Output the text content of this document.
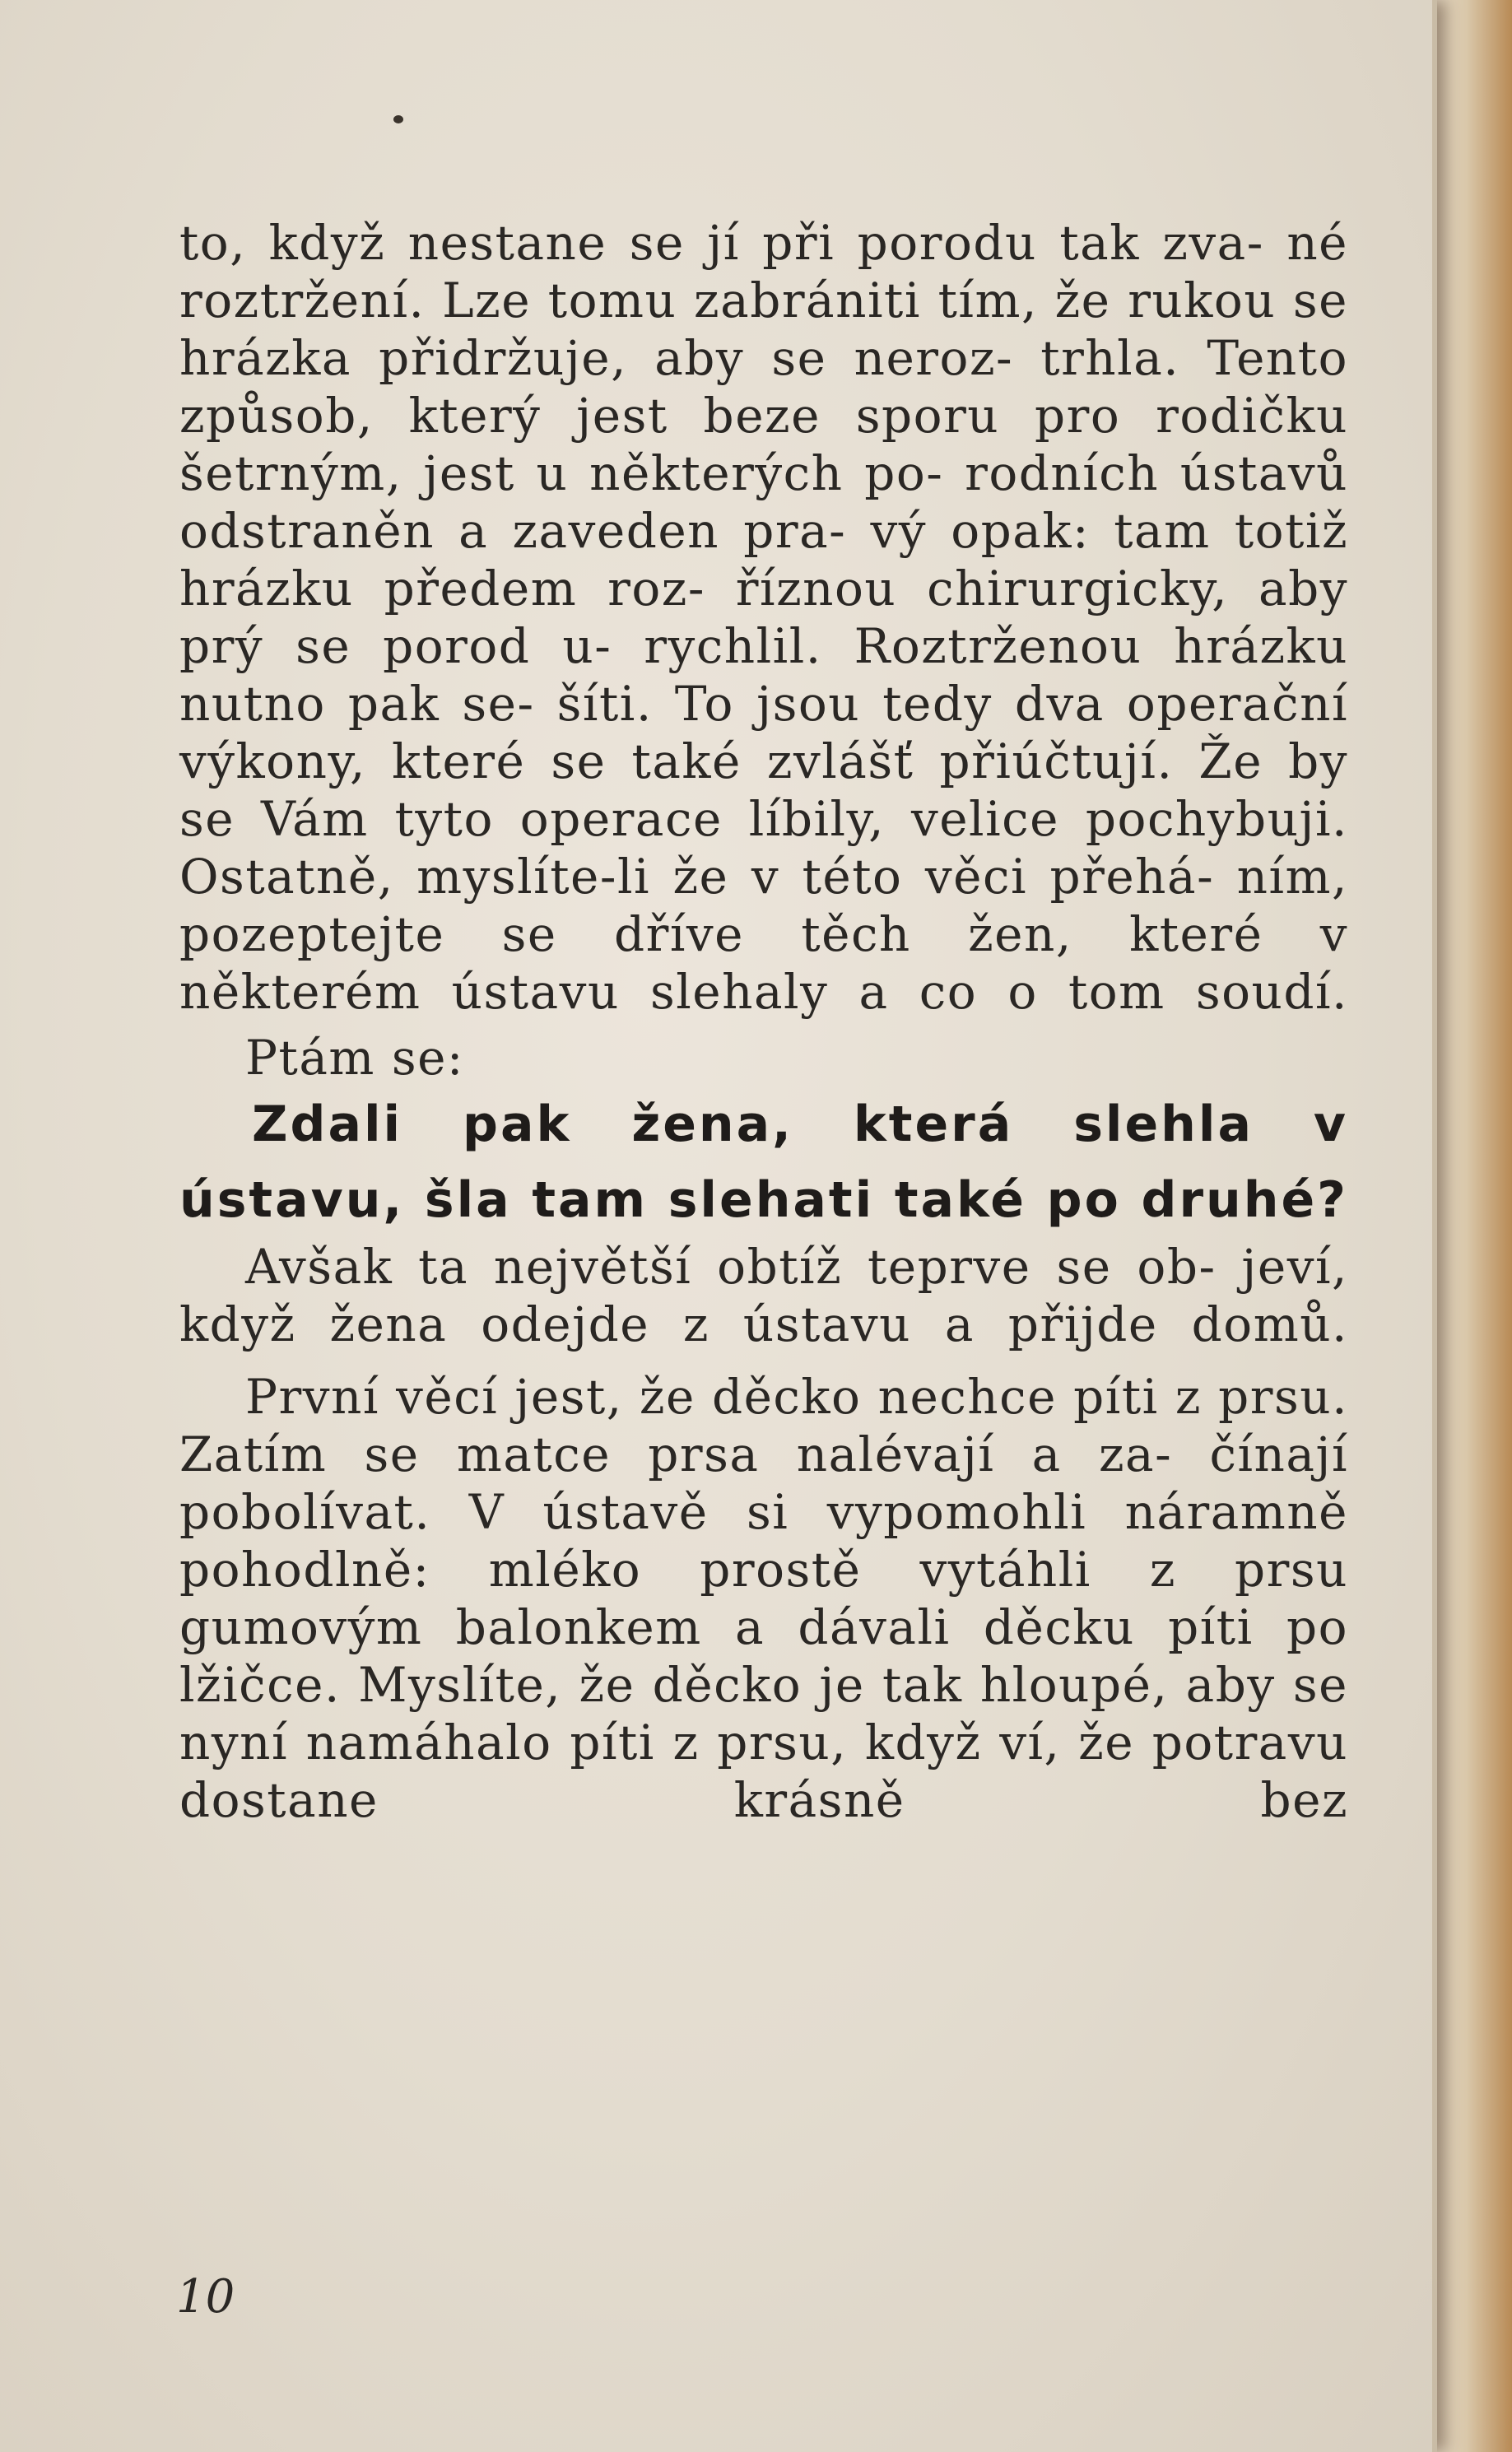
to, když nestane se jí při porodu tak zva- né roztržení. Lze tomu zabrániti tím, že rukou se hrázka přidržuje, aby se neroz- trhla. Tento způsob, který jest beze sporu pro rodičku šetrným, jest u některých po- rodních ústavů odstraněn a zaveden pra- vý opak: tam totiž hrázku předem roz- říznou chirurgicky, aby prý se porod u- rychlil. Roztrženou hrázku nutno pak se- šíti. To jsou tedy dva operační výkony, které se také zvlášť přiúčtují. Že by se Vám tyto operace líbily, velice pochybuji. Ostatně, myslíte-li že v této věci přehá- ním, pozeptejte se dříve těch žen, které v některém ústavu slehaly a co o tom soudí.

Ptám se:

Zdali pak žena, která slehla v ústavu, šla tam slehati také po druhé?

Avšak ta největší obtíž teprve se ob- jeví, když žena odejde z ústavu a přijde domů.

První věcí jest, že děcko nechce píti z prsu. Zatím se matce prsa nalévají a za- čínají pobolívat. V ústavě si vypomohli náramně pohodlně: mléko prostě vytáhli z prsu gumovým balonkem a dávali děcku píti po lžičce. Myslíte, že děcko je tak hloupé, aby se nyní namáhalo píti z prsu, když ví, že potravu dostane krásně bez

10
